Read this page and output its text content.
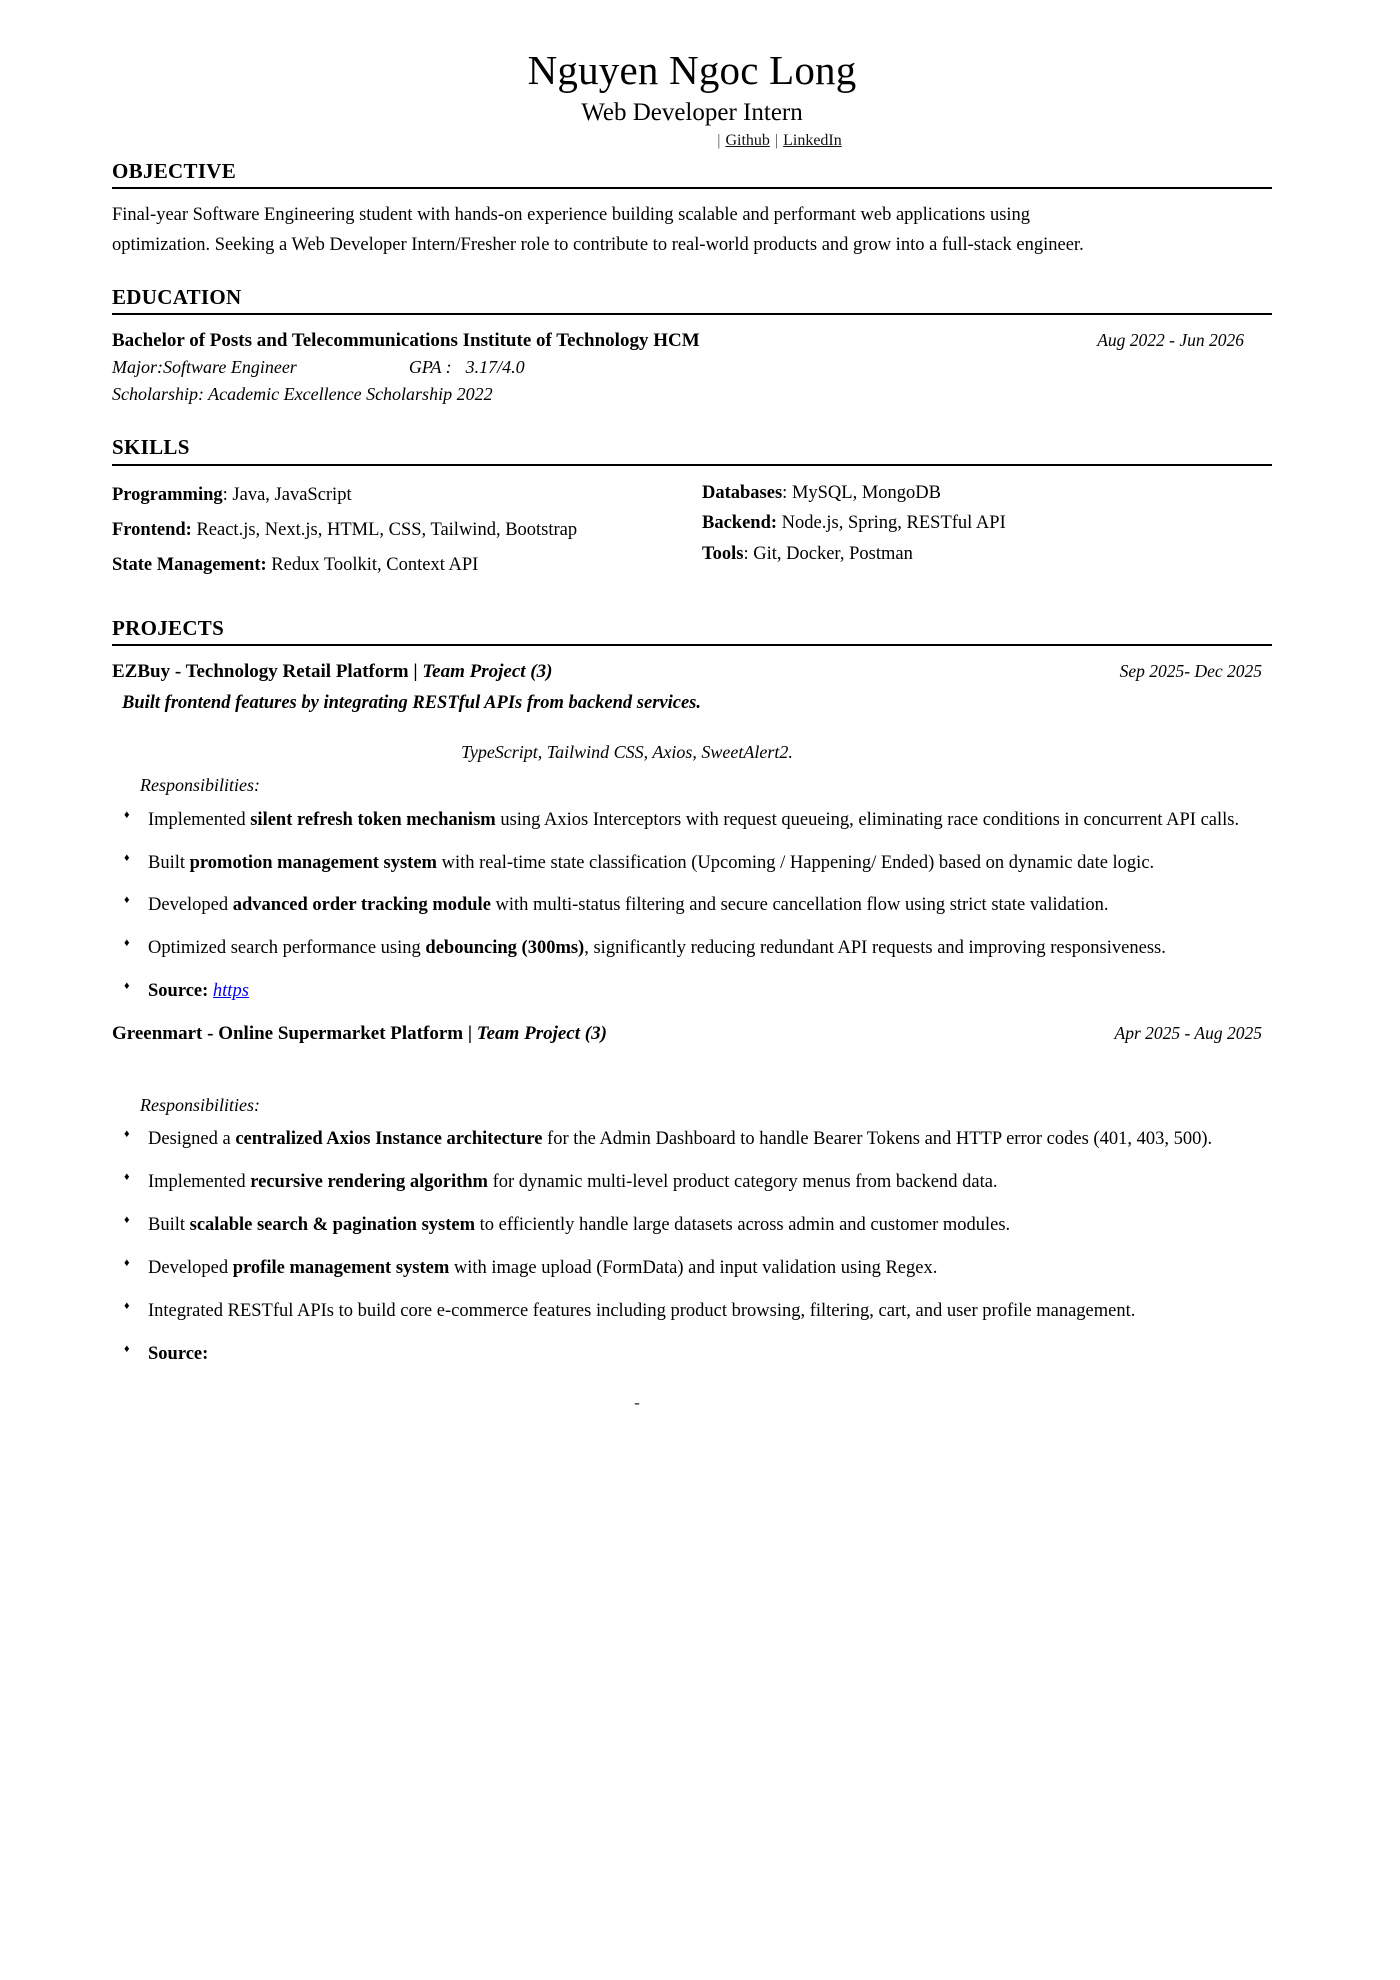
Nguyen Ngoc Long
Web Developer Intern
| Github | LinkedIn
OBJECTIVE

Final-year Software Engineering student with hands-on experience building scalable and performant web applications using

optimization. Seeking a Web Developer Intern/Fresher role to contribute to real-world products and grow into a full-stack engineer.

EDUCATION
Bachelor of Posts and Telecommunications Institute of Technology HCM	Aug 2022 - Jun 2026
Major:Software Engineer	GPA : 3.17/4.0
Scholarship: Academic Excellence Scholarship 2022
SKILLS
Programming: Java, JavaScript
Frontend: React.js, Next.js, HTML, CSS, Tailwind, Bootstrap
State Management: Redux Toolkit, Context API
Databases: MySQL, MongoDB
Backend: Node.js, Spring, RESTful API
Tools: Git, Docker, Postman
PROJECTS
EZBuy - Technology Retail Platform | Team Project (3)	Sep 2025- Dec 2025
Built frontend features by integrating RESTful APIs from backend services.
TypeScript, Tailwind CSS, Axios, SweetAlert2.
Responsibilities:
♦ Implemented silent refresh token mechanism using Axios Interceptors with request queueing, eliminating race conditions in concurrent API calls.
♦ Built promotion management system with real-time state classification (Upcoming / Happening/ Ended) based on dynamic date logic.
♦ Developed advanced order tracking module with multi-status filtering and secure cancellation flow using strict state validation.
♦ Optimized search performance using debouncing (300ms), significantly reducing redundant API requests and improving responsiveness.
♦ Source: https
Greenmart - Online Supermarket Platform | Team Project (3)	Apr 2025 - Aug 2025
Responsibilities:
♦ Designed a centralized Axios Instance architecture for the Admin Dashboard to handle Bearer Tokens and HTTP error codes (401, 403, 500).
♦ Implemented recursive rendering algorithm for dynamic multi-level product category menus from backend data.
♦ Built scalable search & pagination system to efficiently handle large datasets across admin and customer modules.
♦ Developed profile management system with image upload (FormData) and input validation using Regex.
♦ Integrated RESTful APIs to build core e-commerce features including product browsing, filtering, cart, and user profile management.
♦ Source:
-
